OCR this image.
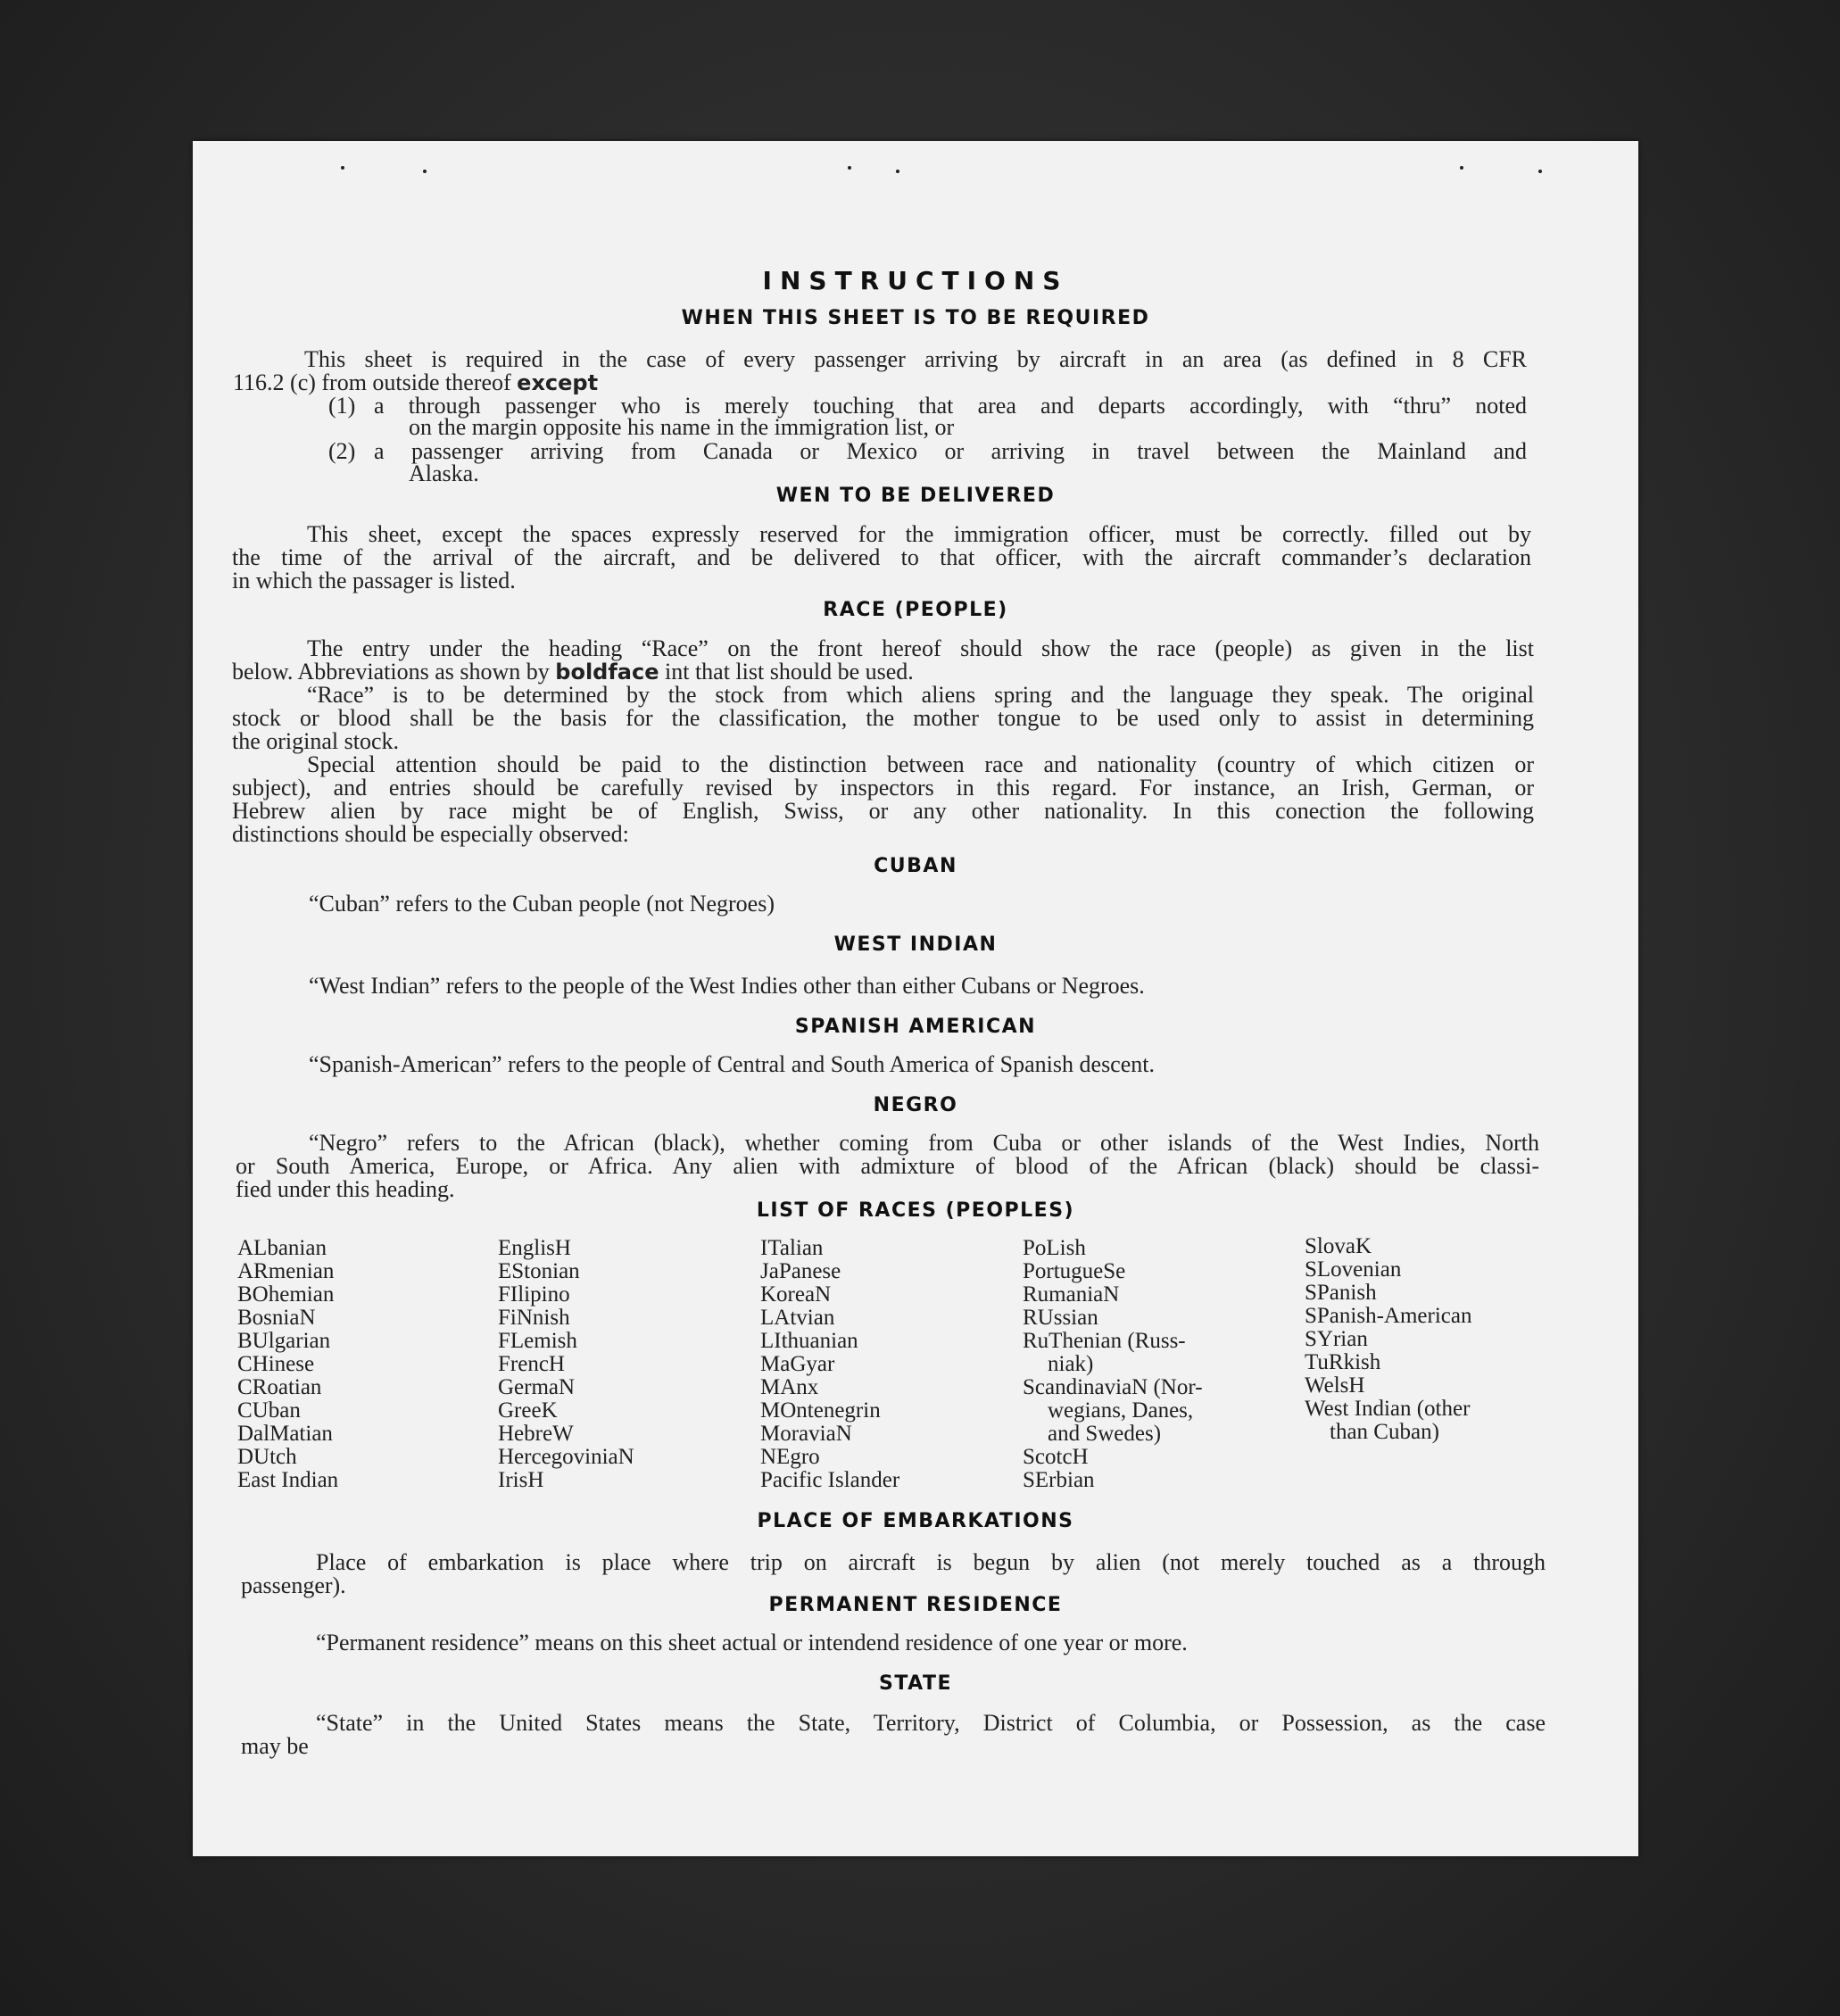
INSTRUCTIONS
WHEN THIS SHEET IS TO BE REQUIRED
This sheet is required in the case of every passenger arriving by aircraft in an area (as defined in 8 CFR
116.2 (c) from outside thereof except
(1) a through passenger who is merely touching that area and departs accordingly, with “thru” noted
on the margin opposite his name in the immigration list, or
(2) a passenger arriving from Canada or Mexico or arriving in travel between the Mainland and
Alaska.
WEN TO BE DELIVERED
This sheet, except the spaces expressly reserved for the immigration officer, must be correctly. filled out by
the time of the arrival of the aircraft, and be delivered to that officer, with the aircraft commander’s declaration
in which the passager is listed.
RACE (PEOPLE)
The entry under the heading “Race” on the front hereof should show the race (people) as given in the list
below. Abbreviations as shown by boldface int that list should be used.
“Race” is to be determined by the stock from which aliens spring and the language they speak. The original
stock or blood shall be the basis for the classification, the mother tongue to be used only to assist in determining
the original stock.
Special attention should be paid to the distinction between race and nationality (country of which citizen or
subject), and entries should be carefully revised by inspectors in this regard. For instance, an Irish, German, or
Hebrew alien by race might be of English, Swiss, or any other nationality. In this conection the following
distinctions should be especially observed:
CUBAN
“Cuban” refers to the Cuban people (not Negroes)
WEST INDIAN
“West Indian” refers to the people of the West Indies other than either Cubans or Negroes.
SPANISH AMERICAN
“Spanish-American” refers to the people of Central and South America of Spanish descent.
NEGRO
“Negro” refers to the African (black), whether coming from Cuba or other islands of the West Indies, North
or South America, Europe, or Africa. Any alien with admixture of blood of the African (black) should be classi-
fied under this heading.
LIST OF RACES (PEOPLES)
ALbanian
ARmenian
BOhemian
BosniaN
BUlgarian
CHinese
CRoatian
CUban
DalMatian
DUtch
East Indian
EnglisH
EStonian
FIlipino
FiNnish
FLemish
FrencH
GermaN
GreeK
HebreW
HercegoviniaN
IrisH
ITalian
JaPanese
KoreaN
LAtvian
LIthuanian
MaGyar
MAnx
MOntenegrin
MoraviaN
NEgro
Pacific Islander
PoLish
PortugueSe
RumaniaN
RUssian
RuThenian (Russ-
niak)
ScandinaviaN (Nor-
wegians, Danes,
and Swedes)
ScotcH
SErbian
SlovaK
SLovenian
SPanish
SPanish-American
SYrian
TuRkish
WelsH
West Indian (other
than Cuban)
PLACE OF EMBARKATIONS
Place of embarkation is place where trip on aircraft is begun by alien (not merely touched as a through
passenger).
PERMANENT RESIDENCE
“Permanent residence” means on this sheet actual or intendend residence of one year or more.
STATE
“State” in the United States means the State, Territory, District of Columbia, or Possession, as the case
may be
